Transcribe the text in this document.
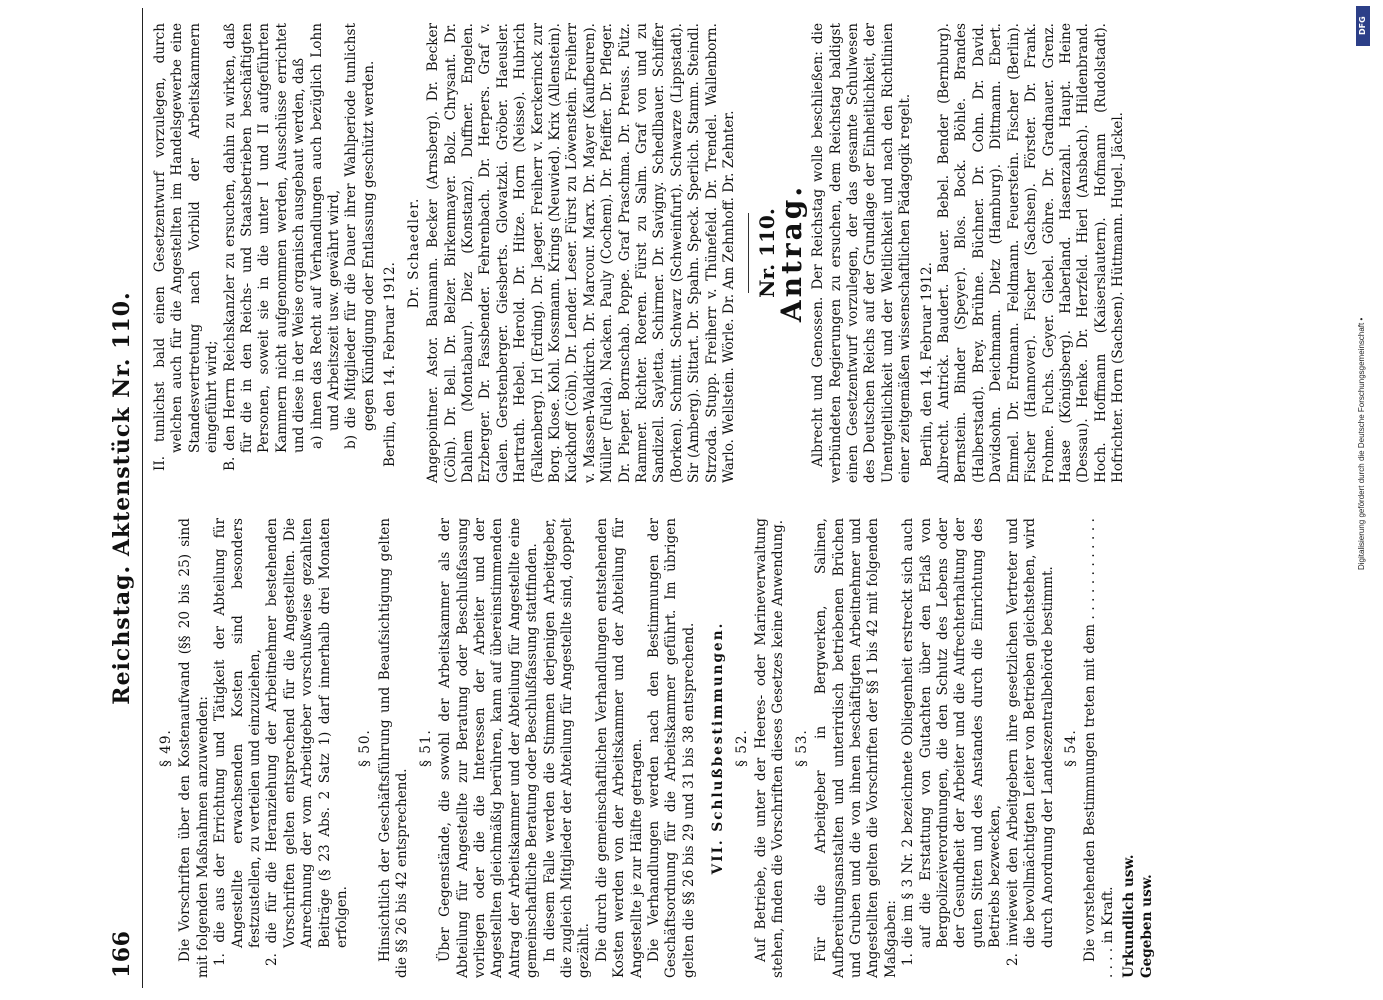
166
Reichstag. Aktenstück Nr. 110.

§ 49. Die Vorschriften über den Kostenaufwand (§§ 20 bis 25) sind mit folgenden Maßnahmen anzuwenden: 1. die aus der Errichtung und Tätigkeit der Abteilung für Angestellte erwachsenden Kosten sind besonders festzustellen, zu verteilen und einzuziehen, 2. die für die Heranziehung der Arbeitnehmer bestehenden Vorschriften gelten entsprechend für die Angestellten. Die Anrechnung der vom Arbeitgeber vorschußweise gezahlten Beiträge (§ 23 Abs. 2 Satz 1) darf innerhalb drei Monaten erfolgen.

§ 50. Hinsichtlich der Geschäftsführung und Beaufsichtigung gelten die §§ 26 bis 42 entsprechend.

§ 51. Über Gegenstände, die sowohl der Arbeitskammer als der Abteilung für Angestellte zur Beratung oder Beschlußfassung vorliegen oder die die Interessen der Arbeiter und der Angestellten gleichmäßig berühren, kann auf übereinstimmenden Antrag der Arbeitskammer und der Abteilung für Angestellte eine gemeinschaftliche Beratung oder Beschlußfassung stattfinden. In diesem Falle werden die Stimmen derjenigen Arbeitgeber, die zugleich Mitglieder der Abteilung für Angestellte sind, doppelt gezählt. Die durch die gemeinschaftlichen Verhandlungen entstehenden Kosten werden von der Arbeitskammer und der Abteilung für Angestellte je zur Hälfte getragen. Die Verhandlungen werden nach den Bestimmungen der Geschäftsordnung für die Arbeitskammer geführt. Im übrigen gelten die §§ 26 bis 29 und 31 bis 38 entsprechend. VII. Schlußbestimmungen. § 52. Auf Betriebe, die unter der Heeres- oder Marineverwaltung stehen, finden die Vorschriften dieses Gesetzes keine Anwendung. § 53. Für die Arbeitgeber in Bergwerken, Salinen, Aufbereitungsanstalten und unterirdisch betriebenen Brüchen und Gruben und die von ihnen beschäftigten Arbeitnehmer und Angestellten gelten die Vorschriften der §§ 1 bis 42 mit folgenden Maßgaben: 1. die im § 3 Nr. 2 bezeichnete Obliegenheit erstreckt sich auch auf die Erstattung von Gutachten über den Erlaß von Bergpolizeiverordnungen, die den Schutz des Lebens oder der Gesundheit der Arbeiter und die Aufrechterhaltung der guten Sitten und des Anstandes durch die Einrichtung des Betriebs bezwecken, 2. inwieweit den Arbeitgebern ihre gesetzlichen Vertreter und die bevollmächtigten Leiter von Betrieben gleichstehen, wird durch Anordnung der Landeszentralbehörde bestimmt. § 54. Die vorstehenden Bestimmungen treten mit dem . . . . . . . . . . . . . . . . in Kraft. Urkundlich usw. Gegeben usw.

II. tunlichst bald einen Gesetzentwurf vorzulegen, durch welchen auch für die Angestellten im Handelsgewerbe eine Standesvertretung nach Vorbild der Arbeitskammern eingeführt wird; B. den Herrn Reichskanzler zu ersuchen, dahin zu wirken, daß für die in den Reichs- und Staatsbetrieben beschäftigten Personen, soweit sie in die unter I und II aufgeführten Kammern nicht aufgenommen werden, Ausschüsse errichtet und diese in der Weise organisch ausgebaut werden, daß a) ihnen das Recht auf Verhandlungen auch bezüglich Lohn und Arbeitszeit usw. gewährt wird, b) die Mitglieder für die Dauer ihrer Wahlperiode tunlichst gegen Kündigung oder Entlassung geschützt werden. Berlin, den 14. Februar 1912.

Dr. Schaedler. Angepointner. Astor. Baumann. Becker (Arnsberg). Dr. Becker (Cöln). Dr. Bell. Dr. Belzer. Birkenmayer. Bolz. Chrysant. Dr. Dahlem (Montabaur). Diez (Konstanz). Duffner. Engelen. Erzberger. Dr. Fassbender. Fehrenbach. Dr. Herpers. Graf v. Galen. Gerstenberger. Giesberts. Glowatzki. Gröber. Haeusler. Hartrath. Hebel. Herold. Dr. Hitze. Horn (Neisse). Hubrich (Falkenberg). Irl (Erding). Dr. Jaeger. Freiherr v. Kerckerinck zur Borg. Klose. Kohl. Kossmann. Krings (Neuwied). Krix (Allenstein). Kuckhoff (Cöln). Dr. Lender. Leser. Fürst zu Löwenstein. Freiherr v. Massen-Waldkirch. Dr. Marcour. Marx. Dr. Mayer (Kaufbeuren). Müller (Fulda). Nacken. Pauly (Cochem). Dr. Pfeiffer. Dr. Pfleger. Dr. Pieper. Bornschab. Poppe. Graf Praschma. Dr. Preuss. Pütz. Rammer. Richter. Roeren. Fürst zu Salm. Graf von und zu Sandizell. Sayletta. Schirmer. Dr. Savigny. Schedlbauer. Schiffer (Borken). Schmitt. Schwarz (Schweinfurt). Schwarze (Lippstadt). Sir (Amberg). Sittart. Dr. Spahn. Speck. Sperlich. Stamm. Steindl. Strzoda. Stupp. Freiherr v. Thünefeld. Dr. Trendel. Wallenborn. Warlo. Wellstein. Wörle. Dr. Am Zehnhoff. Dr. Zehnter. Nr. 110.

Antrag. Albrecht und Genossen. Der Reichstag wolle beschließen: die verbündeten Regierungen zu ersuchen, dem Reichstag baldigst einen Gesetzentwurf vorzulegen, der das gesamte Schulwesen des Deutschen Reichs auf der Grundlage der Einheitlichkeit, der Unentgeltlichkeit und der Weltlichkeit und nach den Richtlinien einer zeitgemäßen wissenschaftlichen Pädagogik regelt. Berlin, den 14. Februar 1912. Albrecht. Antrick. Baudert. Bauer. Bebel. Bender (Bernburg). Bernstein. Binder (Speyer). Blos. Bock. Böhle. Brandes (Halberstadt). Brey. Brühne. Büchner. Dr. Cohn. Dr. David. Davidsohn. Deichmann. Dietz (Hamburg). Dittmann. Ebert. Emmel. Dr. Erdmann. Feldmann. Feuerstein. Fischer (Berlin). Fischer (Hannover). Fischer (Sachsen). Förster. Dr. Frank. Frohme. Fuchs. Geyer. Giebel. Göhre. Dr. Gradnauer. Grenz. Haase (Königsberg). Haberland. Hasenzahl. Haupt. Heine (Dessau). Henke. Dr. Herzfeld. Hierl (Ansbach). Hildenbrand. Hoch. Hoffmann (Kaiserslautern). Hofmann (Rudolstadt). Hofrichter. Horn (Sachsen). Hüttmann. Hugel. Jäckel.

DFG
Digitalisierung gefördert durch die Deutsche Forschungsgemeinschaft •
